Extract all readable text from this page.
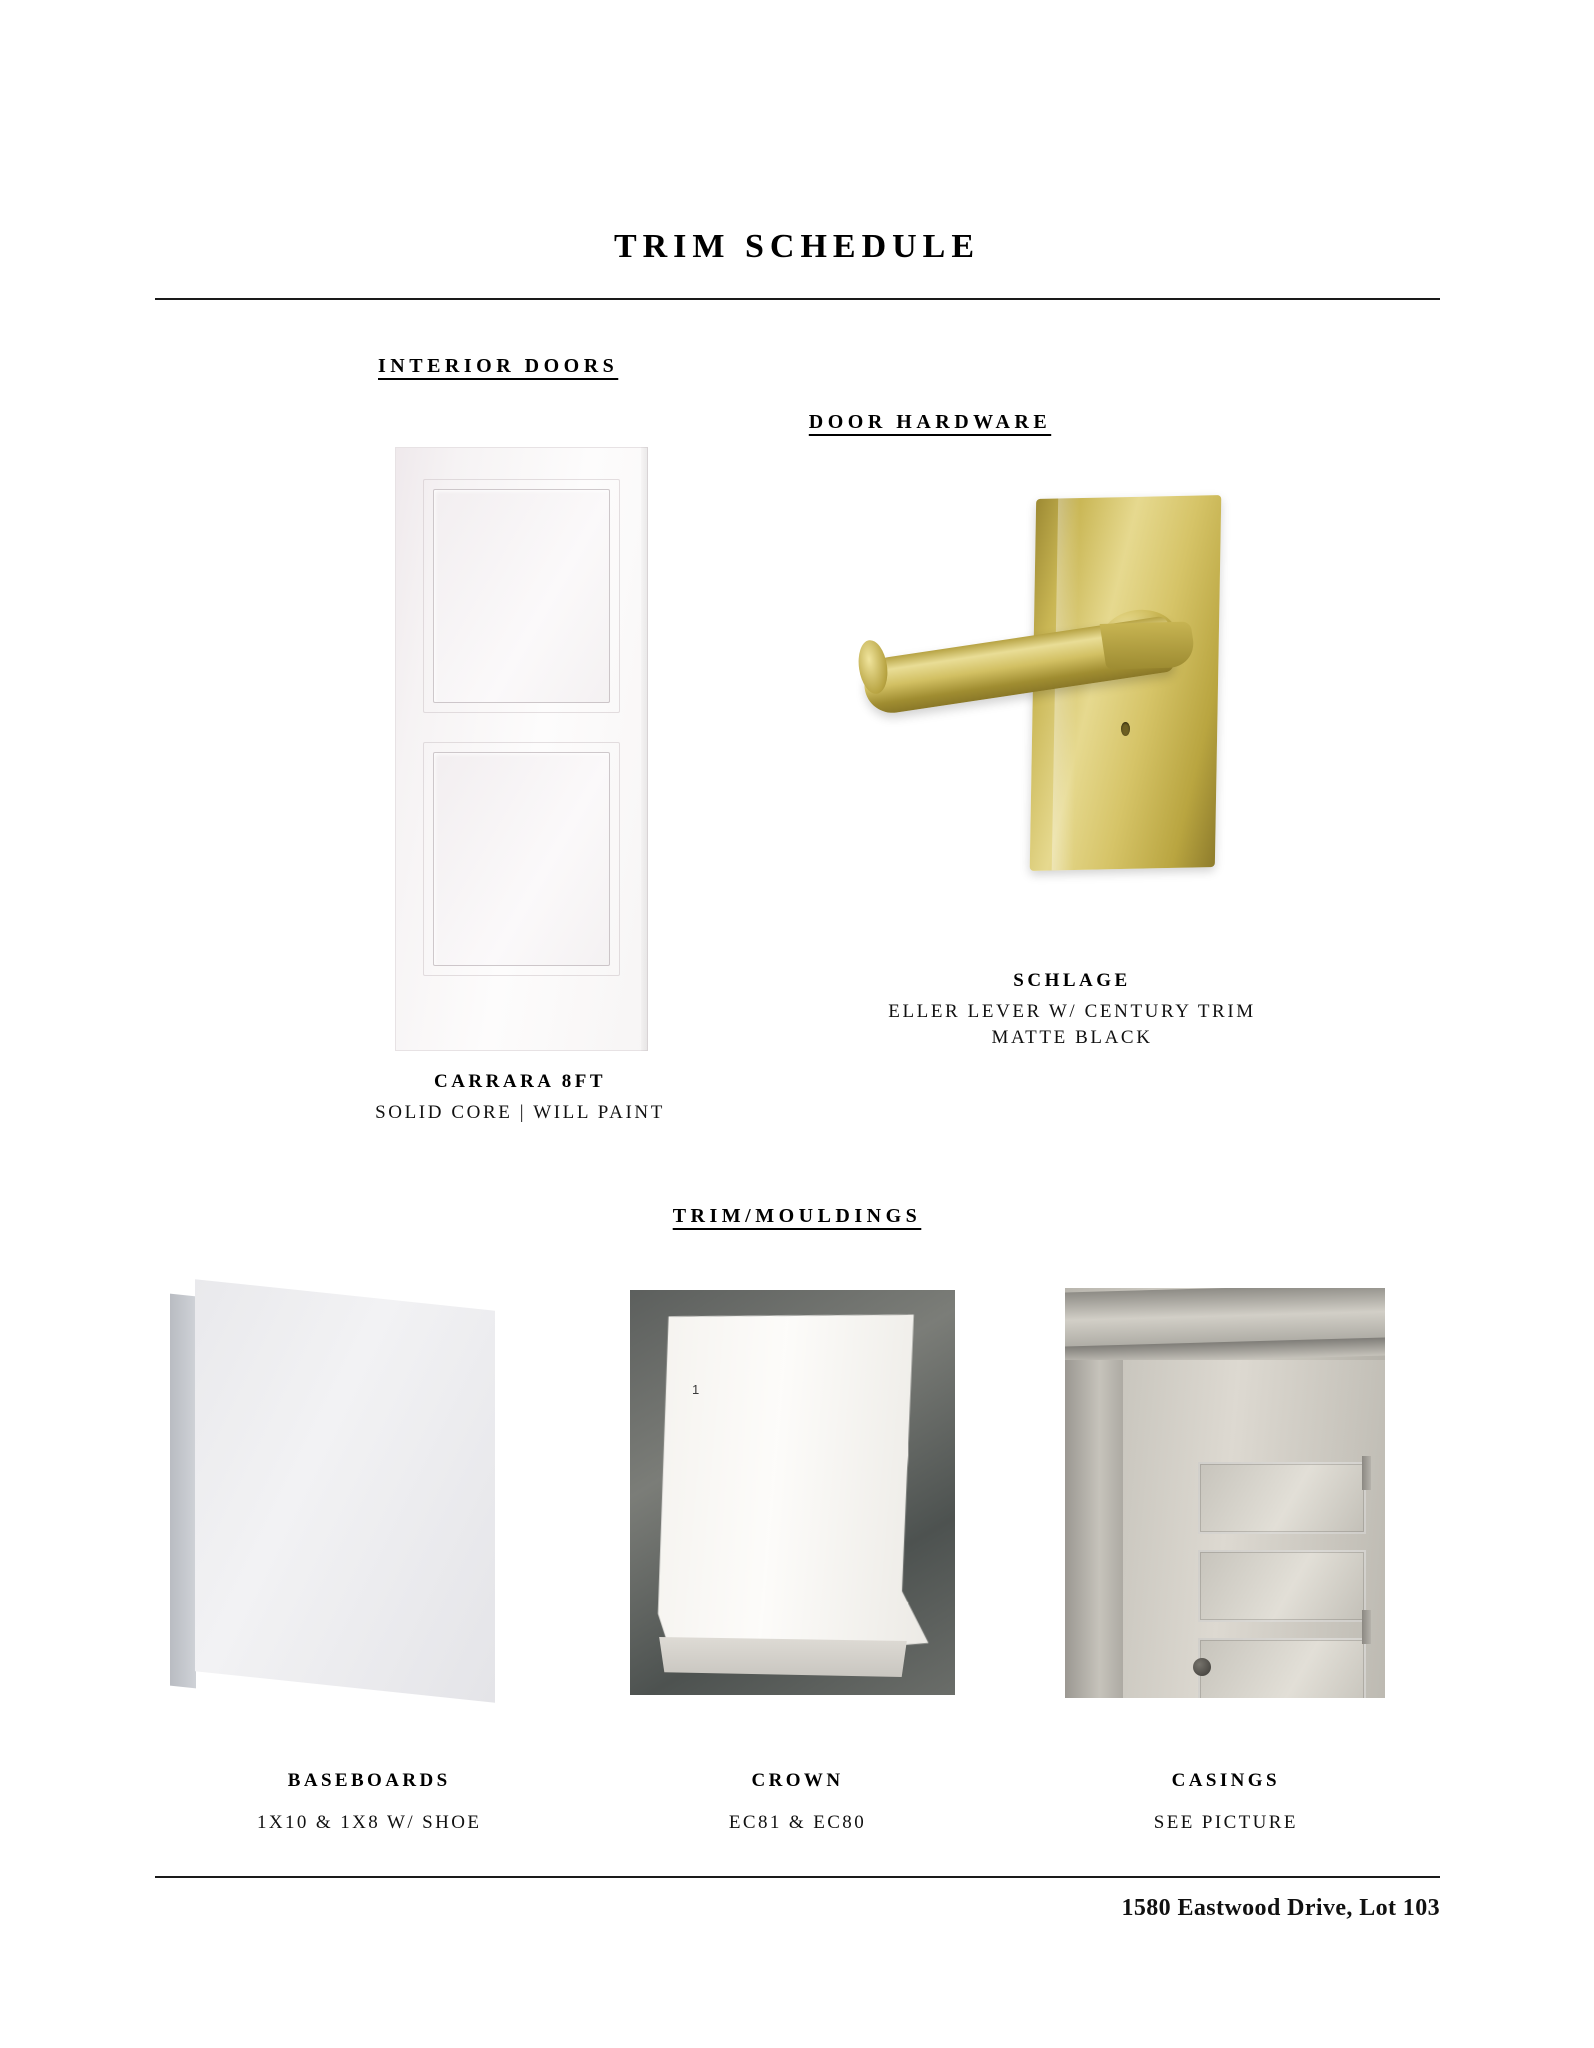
TRIM SCHEDULE
INTERIOR DOORS
CARRARA 8FT
SOLID CORE | WILL PAINT
DOOR HARDWARE
SCHLAGE
ELLER LEVER W/ CENTURY TRIM
MATTE BLACK
TRIM/MOULDINGS
1
BASEBOARDS
1X10 & 1X8 W/ SHOE
CROWN
EC81 & EC80
CASINGS
SEE PICTURE
1580 Eastwood Drive, Lot 103
